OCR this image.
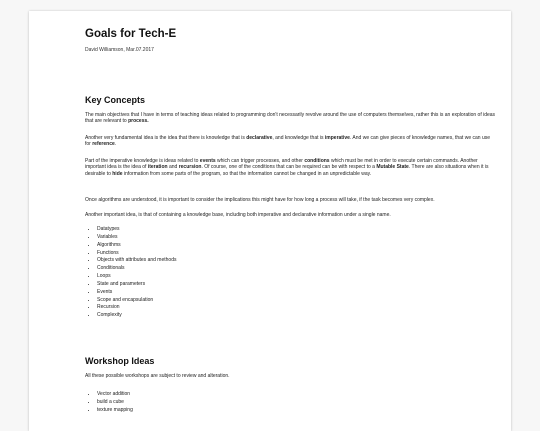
Goals for Tech-E

David Williamson, Mar.07.2017

Key Concepts

The main objectives that I have in terms of teaching ideas related to programming don't necessarily revolve around the use of computers themselves, rather this is an exploration of ideas that are relevant to process.

Another very fundamental idea is the idea that there is knowledge that is declarative, and knowledge that is imperative. And we can give pieces of knowledge names, that we can use for reference.

Part of the imperative knowledge is ideas related to events which can trigger processes, and other conditions which must be met in order to execute certain commands. Another important idea is the idea of iteration and recursion. Of course, one of the conditions that can be required can be with respect to a Mutable State. There are also situations when it is desirable to hide information from some parts of the program, so that the information cannot be changed in an unpredictable way.

Once algorithms are understood, it is important to consider the implications this might have for how long a process will take, if the task becomes very complex.

Another important idea, is that of containing a knowledge base, including both imperative and declarative information under a single name.

• Datatypes
• Variables
• Algorithms
• Functions
• Objects with attributes and methods
• Conditionals
• Loops
• State and parameters
• Events
• Scope and encapsulation
• Recursion
• Complexity
Workshop Ideas

All these possible workshops are subject to review and alteration.

• Vector addition
• build a cube
• texture mapping
